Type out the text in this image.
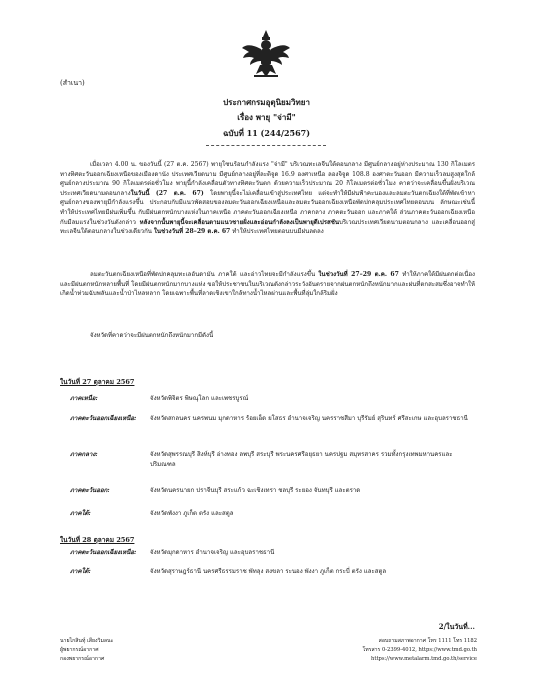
(สำเนา)
ประกาศกรมอุตุนิยมวิทยา
เรื่อง พายุ "จ่ามี"
ฉบับที่ 11 (244/2567)

เมื่อเวลา 4.00 น. ของวันนี้ (27 ต.ค. 2567) พายุโซนร้อนกำลังแรง "จ่ามี" บริเวณทะเลจีนใต้ตอนกลาง มีศูนย์กลางอยู่ห่างประมาณ 130 กิโลเมตร ทางทิศตะวันออกเฉียงเหนือของเมืองดานัง ประเทศเวียดนาม มีศูนย์กลางอยู่ที่ละติจูด 16.9 องศาเหนือ ลองจิจูด 108.8 องศาตะวันออก มีความเร็วลมสูงสุดใกล้ศูนย์กลางประมาณ 90 กิโลเมตรต่อชั่วโมง พายุนี้กำลังเคลื่อนตัวทางทิศตะวันตก ด้วยความเร็วประมาณ 20 กิโลเมตรต่อชั่วโมง คาดว่าจะเคลื่อนขึ้นฝั่งบริเวณประเทศเวียดนามตอนกลางในวันนี้ (27 ต.ค. 67) โดยพายุนี้จะไม่เคลื่อนเข้าสู่ประเทศไทย แต่จะทำให้มีฝนฟ้าคะนองและลมตะวันตกเฉียงใต้ที่พัดเข้าหาศูนย์กลางของพายุมีกำลังแรงขึ้น ประกอบกับมีแนวพัดสอบของลมตะวันออกเฉียงเหนือและลมตะวันออกเฉียงเหนือพัดปกคลุมประเทศไทยตอนบน ลักษณะเช่นนี้ทำให้ประเทศไทยมีฝนเพิ่มขึ้น กับมีฝนตกหนักบางแห่งในภาคเหนือ ภาคตะวันออกเฉียงเหนือ ภาคกลาง ภาคตะวันออก และภาคใต้ ส่วนภาคตะวันออกเฉียงเหนือ กับมีลมแรงในช่วงวันดังกล่าว หลังจากนั้นพายุนี้จะเคลื่อนตามแนวชายฝั่งและอ่อนกำลังลงเป็นพายุดีเปรสชันบริเวณประเทศเวียดนามตอนกลาง และเคลื่อนออกสู่ทะเลจีนใต้ตอนกลางในช่วงเดียวกัน ในช่วงวันที่ 28–29 ต.ค. 67 ทำให้ประเทศไทยตอนบนมีฝนลดลง

ลมตะวันตกเฉียงเหนือที่พัดปกคลุมทะเลอันดามัน ภาคใต้ และอ่าวไทยจะมีกำลังแรงขึ้น ในช่วงวันที่ 27–29 ต.ค. 67 ทำให้ภาคใต้มีฝนตกต่อเนื่องและมีฝนตกหนักหลายพื้นที่ โดยมีฝนตกหนักมากบางแห่ง ขอให้ประชาชนในบริเวณดังกล่าวระวังอันตรายจากฝนตกหนักถึงหนักมากและฝนที่ตกสะสมซึ่งอาจทำให้เกิดน้ำท่วมฉับพลันและน้ำป่าไหลหลาก โดยเฉพาะพื้นที่ลาดเชิงเขาใกล้ทางน้ำไหลผ่านและพื้นที่ลุ่มใกล้ริมฝั่ง

จังหวัดที่คาดว่าจะมีฝนตกหนักถึงหนักมากมีดังนี้

ในวันที่ 27 ตุลาคม 2567
ภาคเหนือ:	จังหวัดพิจิตร พิษณุโลก และเพชรบูรณ์
ภาคตะวันออกเฉียงเหนือ:	จังหวัดสกลนคร นครพนม มุกดาหาร ร้อยเอ็ด ยโสธร อำนาจเจริญ นครราชสีมา บุรีรัมย์ สุรินทร์ ศรีสะเกษ และอุบลราชธานี
ภาคกลาง:	จังหวัดสุพรรณบุรี สิงห์บุรี อ่างทอง ลพบุรี สระบุรี พระนครศรีอยุธยา นครปฐม สมุทรสาคร รวมทั้งกรุงเทพมหานครและปริมณฑล
ภาคตะวันออก:	จังหวัดนครนายก ปราจีนบุรี สระแก้ว ฉะเชิงเทรา ชลบุรี ระยอง จันทบุรี และตราด
ภาคใต้:	จังหวัดพังงา ภูเก็ต ตรัง และสตูล
ในวันที่ 28 ตุลาคม 2567
ภาคตะวันออกเฉียงเหนือ:	จังหวัดมุกดาหาร อำนาจเจริญ และอุบลราชธานี
ภาคใต้:	จังหวัดสุราษฎร์ธานี นครศรีธรรมราช พัทลุง สงขลา ระนอง พังงา ภูเก็ต กระบี่ ตรัง และสตูล
2/ในวันที่...
นายไกสินทุ์ เสียงวิมลนะ
ผู้พยากรณ์อากาศ
กองพยากรณ์อากาศ
สอบถามสภาพอากาศ โทร 1111 โทร 1182
โทรสาร 0-2399-4012, https://www.tmd.go.th
https://www.metalarm.tmd.go.th/service
